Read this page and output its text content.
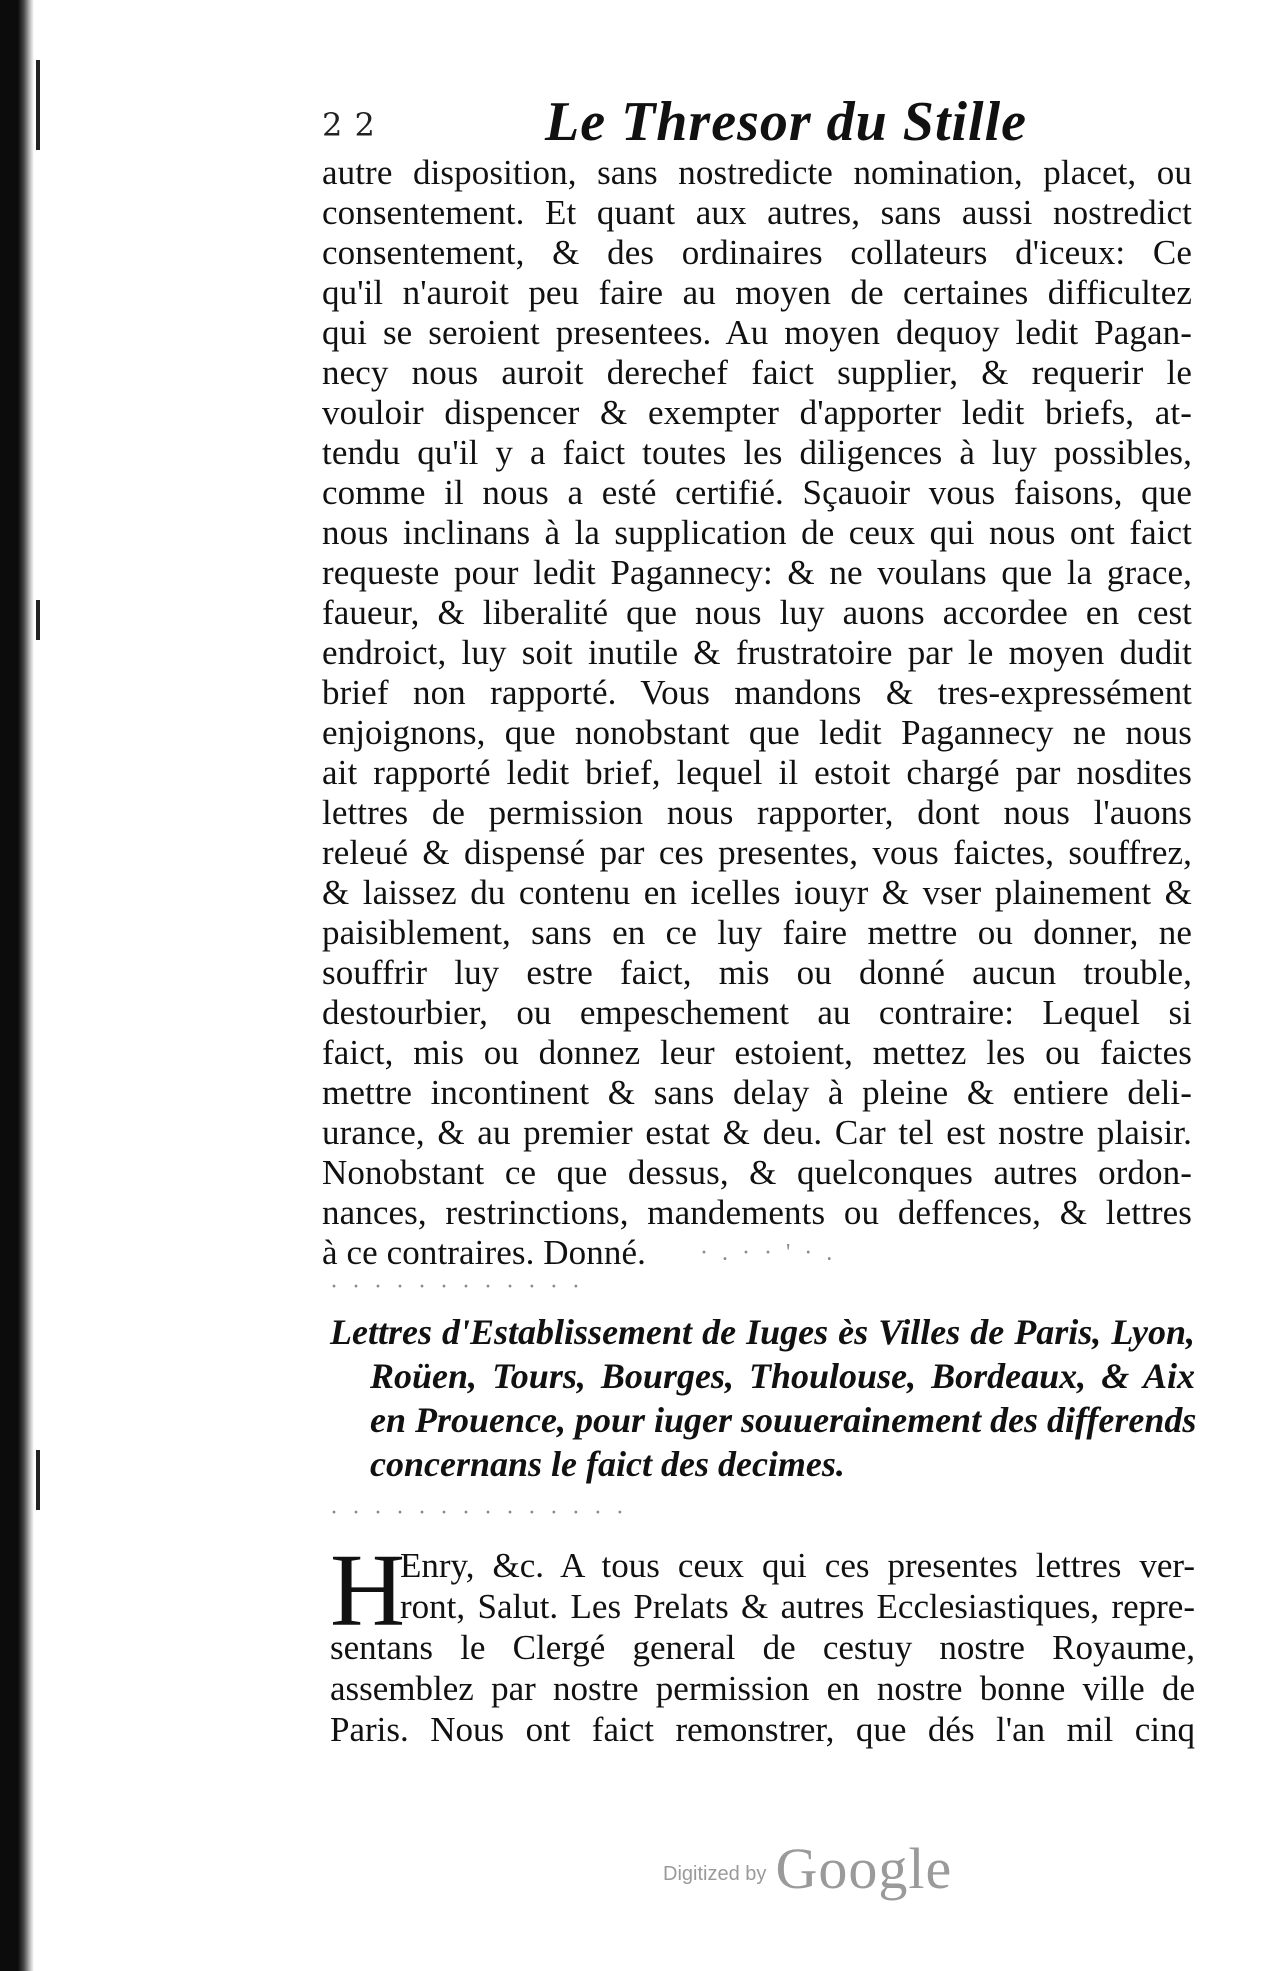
2 2	Le Thresor du Stille
autre disposition, sans nostredicte nomination, placet, ou
consentement. Et quant aux autres, sans aussi nostredict
consentement, & des ordinaires collateurs d'iceux: Ce
qu'il n'auroit peu faire au moyen de certaines difficultez
qui se seroient presentees. Au moyen dequoy ledit Pagan-
necy nous auroit derechef faict supplier, & requerir le
vouloir dispencer & exempter d'apporter ledit briefs, at-
tendu qu'il y a faict toutes les diligences à luy possibles,
comme il nous a esté certifié. Sçauoir vous faisons, que
nous inclinans à la supplication de ceux qui nous ont faict
requeste pour ledit Pagannecy: & ne voulans que la grace,
faueur, & liberalité que nous luy auons accordee en cest
endroict, luy soit inutile & frustratoire par le moyen dudit
brief non rapporté. Vous mandons & tres-expressément
enjoignons, que nonobstant que ledit Pagannecy ne nous
ait rapporté ledit brief, lequel il estoit chargé par nosdites
lettres de permission nous rapporter, dont nous l'auons
releué & dispensé par ces presentes, vous faictes, souffrez,
& laissez du contenu en icelles iouyr & vser plainement &
paisiblement, sans en ce luy faire mettre ou donner, ne
souffrir luy estre faict, mis ou donné aucun trouble,
destourbier, ou empeschement au contraire: Lequel si
faict, mis ou donnez leur estoient, mettez les ou faictes
mettre incontinent & sans delay à pleine & entiere deli-
urance, & au premier estat & deu. Car tel est nostre plaisir.
Nonobstant ce que dessus, & quelconques autres ordon-
nances, restrinctions, mandements ou deffences, & lettres
à ce contraires. Donné.	· . · · ' · .
· · · · · · · · · · · ·
· · · · · · · · · · · · · ·
Lettres d'Establissement de Iuges ès Villes de Paris, Lyon,
Roüen, Tours, Bourges, Thoulouse, Bordeaux, & Aix
en Prouence, pour iuger souuerainement des differends
concernans le faict des decimes.
H
Enry, &c. A tous ceux qui ces presentes lettres ver-
ront, Salut. Les Prelats & autres Ecclesiastiques, repre-
sentans le Clergé general de cestuy nostre Royaume,
assemblez par nostre permission en nostre bonne ville de
Paris. Nous ont faict remonstrer, que dés l'an mil cinq
Digitized by Google
